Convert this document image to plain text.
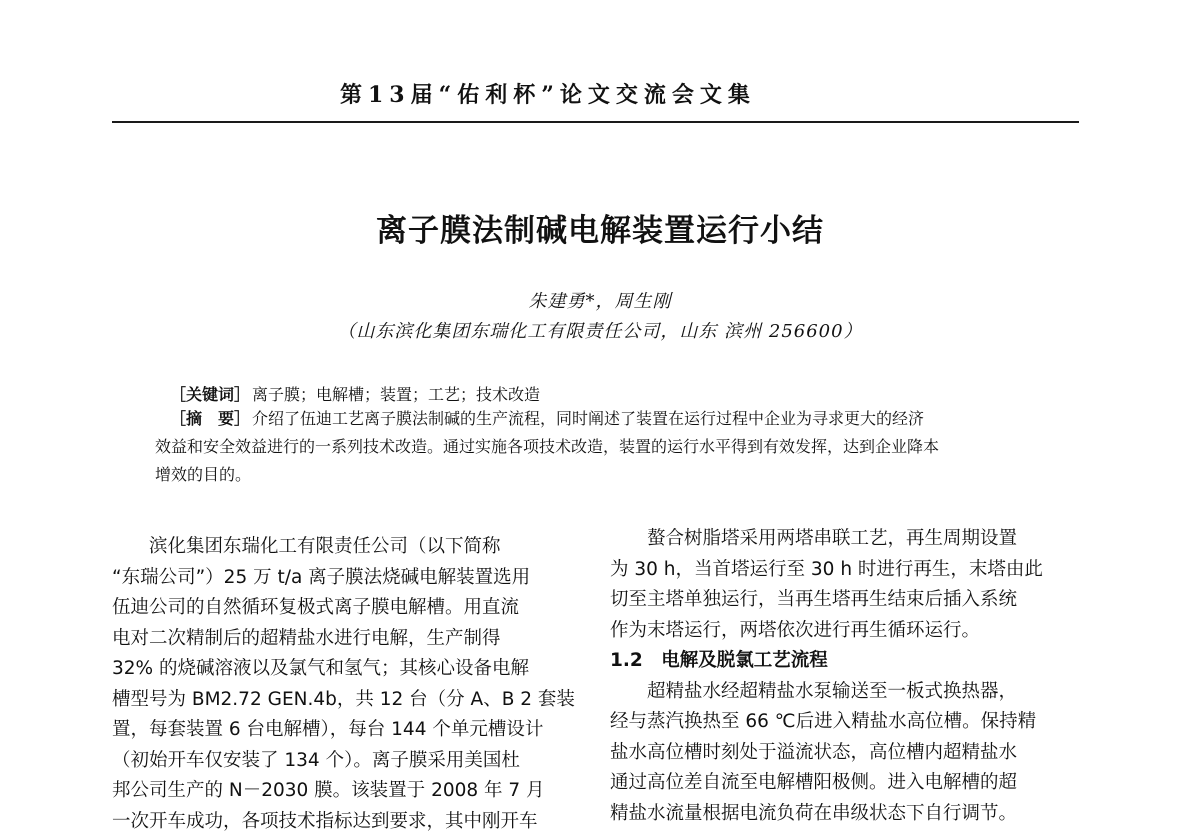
第13届“佑利杯”论文交流会文集
离子膜法制碱电解装置运行小结
朱建勇*，周生刚
（山东滨化集团东瑞化工有限责任公司，山东 滨州 256600）
［关键词］ 离子膜；电解槽；装置；工艺；技术改造
［摘　要］ 介绍了伍迪工艺离子膜法制碱的生产流程，同时阐述了装置在运行过程中企业为寻求更大的经济
效益和安全效益进行的一系列技术改造。通过实施各项技术改造，装置的运行水平得到有效发挥，达到企业降本
增效的目的。
　　滨化集团东瑞化工有限责任公司（以下简称
“东瑞公司”）25 万 t/a 离子膜法烧碱电解装置选用
伍迪公司的自然循环复极式离子膜电解槽。用直流
电对二次精制后的超精盐水进行电解，生产制得
32% 的烧碱溶液以及氯气和氢气；其核心设备电解
槽型号为 BM2.72 GEN.4b，共 12 台（分 A、B 2 套装
置，每套装置 6 台电解槽），每台 144 个单元槽设计
（初始开车仅安装了 134 个）。离子膜采用美国杜
邦公司生产的 N－2030 膜。该装置于 2008 年 7 月
一次开车成功，各项技术指标达到要求，其中刚开车
　　螯合树脂塔采用两塔串联工艺，再生周期设置
为 30 h，当首塔运行至 30 h 时进行再生，末塔由此
切至主塔单独运行，当再生塔再生结束后插入系统
作为末塔运行，两塔依次进行再生循环运行。
1.2　电解及脱氯工艺流程
　　超精盐水经超精盐水泵输送至一板式换热器，
经与蒸汽换热至 66 ℃后进入精盐水高位槽。保持精
盐水高位槽时刻处于溢流状态，高位槽内超精盐水
通过高位差自流至电解槽阳极侧。进入电解槽的超
精盐水流量根据电流负荷在串级状态下自行调节。
